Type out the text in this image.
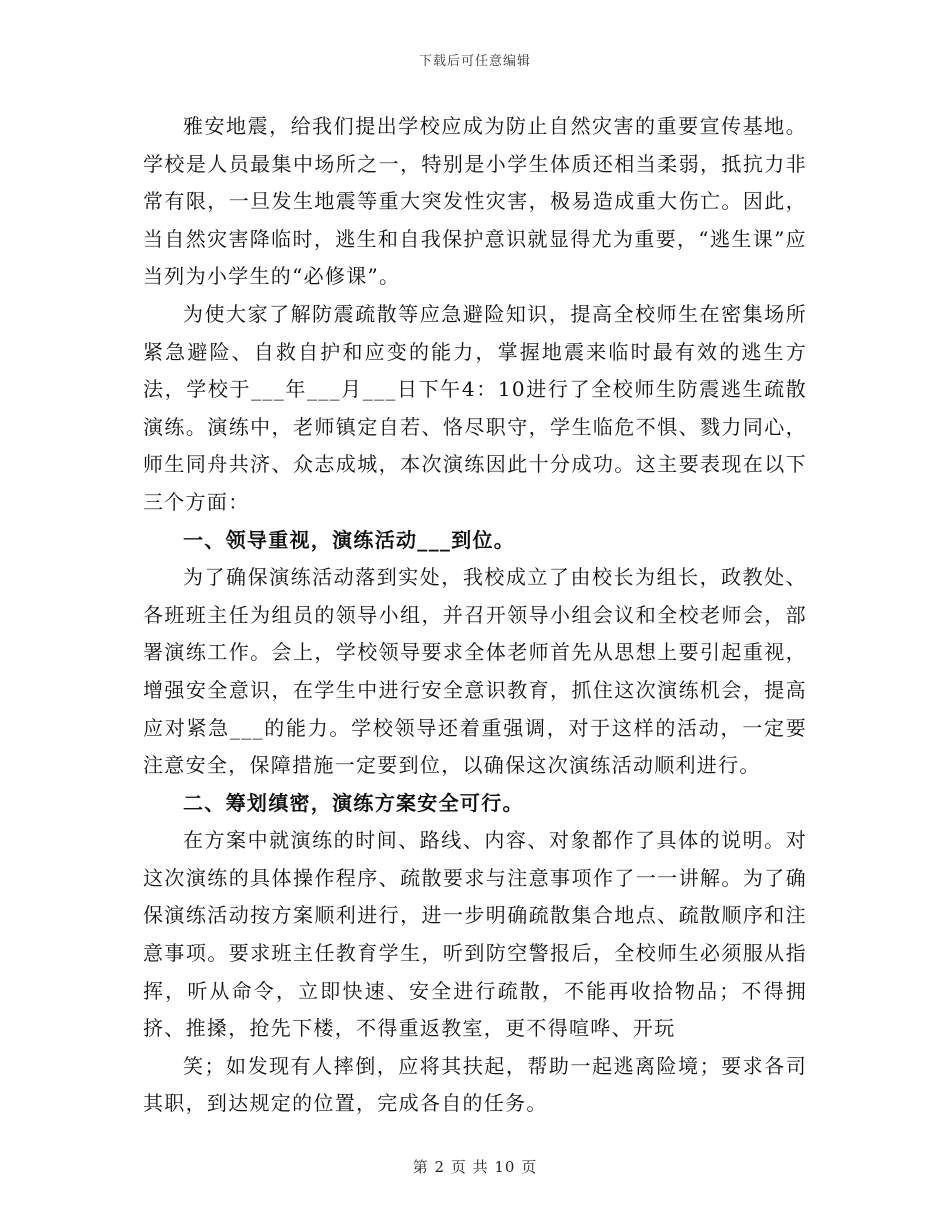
下载后可任意编辑

雅安地震，给我们提出学校应成为防止自然灾害的重要宣传基地。学校是人员最集中场所之一，特别是小学生体质还相当柔弱，抵抗力非常有限，一旦发生地震等重大突发性灾害，极易造成重大伤亡。因此，当自然灾害降临时，逃生和自我保护意识就显得尤为重要，“逃生课”应当列为小学生的“必修课”。

为使大家了解防震疏散等应急避险知识，提高全校师生在密集场所紧急避险、自救自护和应变的能力，掌握地震来临时最有效的逃生方法，学校于___年___月___日下午4：10进行了全校师生防震逃生疏散演练。演练中，老师镇定自若、恪尽职守，学生临危不惧、戮力同心，师生同舟共济、众志成城，本次演练因此十分成功。这主要表现在以下三个方面：

一、领导重视，演练活动___到位。

为了确保演练活动落到实处，我校成立了由校长为组长，政教处、各班班主任为组员的领导小组，并召开领导小组会议和全校老师会，部署演练工作。会上，学校领导要求全体老师首先从思想上要引起重视，增强安全意识，在学生中进行安全意识教育，抓住这次演练机会，提高应对紧急___的能力。学校领导还着重强调，对于这样的活动，一定要注意安全，保障措施一定要到位，以确保这次演练活动顺利进行。

二、筹划缜密，演练方案安全可行。

在方案中就演练的时间、路线、内容、对象都作了具体的说明。对这次演练的具体操作程序、疏散要求与注意事项作了一一讲解。为了确保演练活动按方案顺利进行，进一步明确疏散集合地点、疏散顺序和注意事项。要求班主任教育学生，听到防空警报后，全校师生必须服从指挥，听从命令，立即快速、安全进行疏散，不能再收拾物品；不得拥挤、推搡，抢先下楼，不得重返教室，更不得喧哗、开玩

笑；如发现有人摔倒，应将其扶起，帮助一起逃离险境；要求各司其职，到达规定的位置，完成各自的任务。

第 2 页 共 10 页
